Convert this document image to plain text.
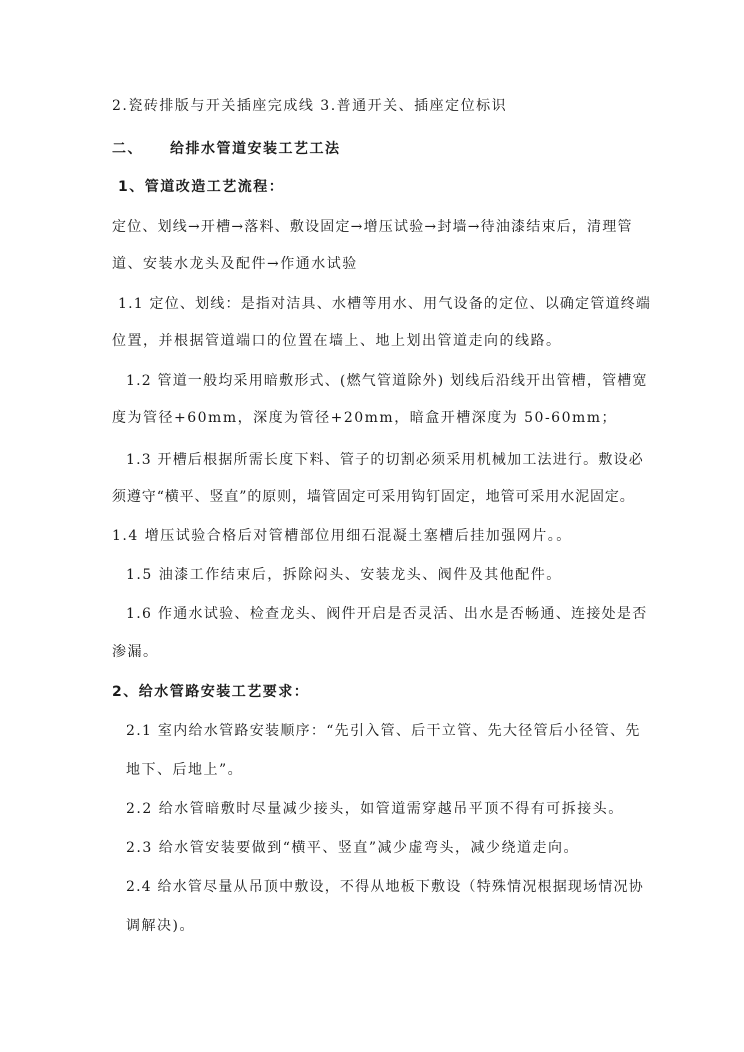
2.瓷砖排版与开关插座完成线 3.普通开关、插座定位标识
二、 给排水管道安装工艺工法
1、管道改造工艺流程：
定位、划线→开槽→落料、敷设固定→增压试验→封墙→待油漆结束后，清理管
道、安装水龙头及配件→作通水试验
1.1 定位、划线：是指对洁具、水槽等用水、用气设备的定位、以确定管道终端
位置，并根据管道端口的位置在墙上、地上划出管道走向的线路。
1.2 管道一般均采用暗敷形式、(燃气管道除外) 划线后沿线开出管槽，管槽宽
度为管径+60mm，深度为管径+20mm，暗盒开槽深度为 50-60mm；
1.3 开槽后根据所需长度下料、管子的切割必须采用机械加工法进行。敷设必
须遵守“横平、竖直”的原则，墙管固定可采用钩钉固定，地管可采用水泥固定。
1.4 增压试验合格后对管槽部位用细石混凝土塞槽后挂加强网片。。
1.5 油漆工作结束后，拆除闷头、安装龙头、阀件及其他配件。
1.6 作通水试验、检查龙头、阀件开启是否灵活、出水是否畅通、连接处是否
渗漏。
2、给水管路安装工艺要求：
2.1 室内给水管路安装顺序：“先引入管、后干立管、先大径管后小径管、先
地下、后地上”。
2.2 给水管暗敷时尽量减少接头，如管道需穿越吊平顶不得有可拆接头。
2.3 给水管安装要做到“横平、竖直”减少虚弯头，减少绕道走向。
2.4 给水管尽量从吊顶中敷设，不得从地板下敷设（特殊情况根据现场情况协
调解决)。
